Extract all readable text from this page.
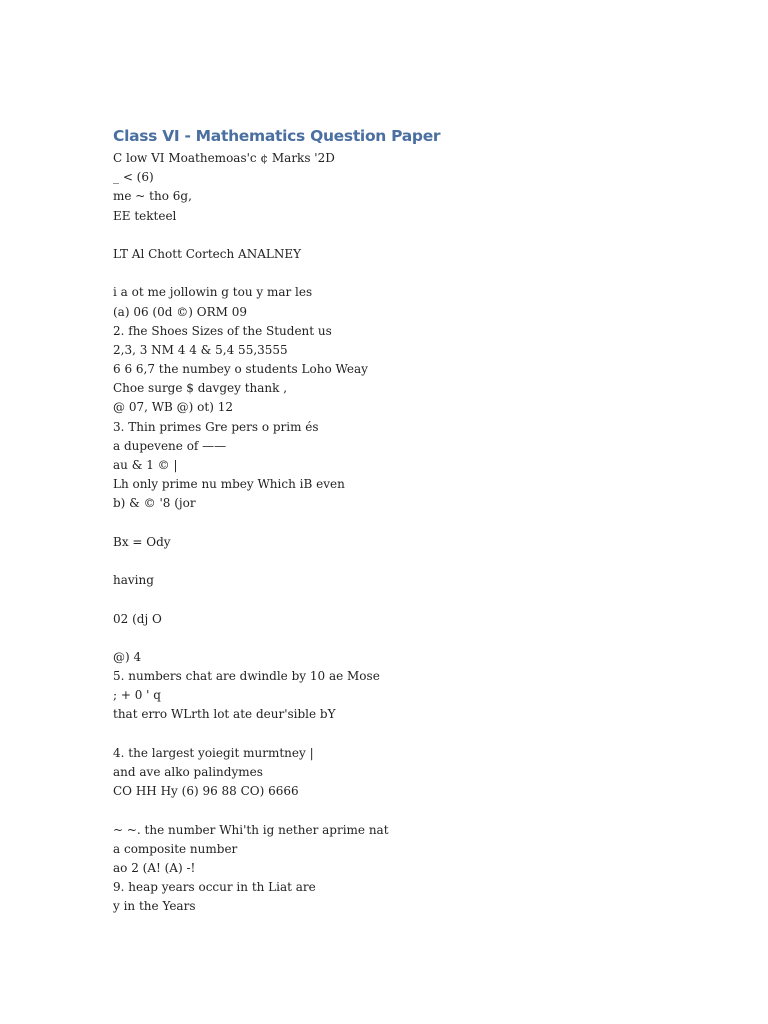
Class VI - Mathematics Question Paper
C low VI Moathemoas'c ¢ Marks '2D
_ < (6)
me ~ tho 6g,
EE tekteel
LT Al Chott Cortech ANALNEY
i a ot me jollowin g tou y mar les
(a) 06 (0d ©) ORM 09
2. fhe Shoes Sizes of the Student us
2,3, 3 NM 4 4 & 5,4 55,3555
6 6 6,7 the numbey o students Loho Weay
Choe surge $ davgey thank ,
@ 07, WB @) ot) 12
3. Thin primes Gre pers o prim és
a dupevene of ——
au & 1 © |
Lh only prime nu mbey Which iB even
b) & © '8 (jor
Bx = Ody
having
02 (dj O
@) 4
5. numbers chat are dwindle by 10 ae Mose
; + 0 ' q
that erro WLrth lot ate deur'sible bY
4. the largest yoiegit murmtney |
and ave alko palindymes
CO HH Hy (6) 96 88 CO) 6666
~ ~. the number Whi'th ig nether aprime nat
a composite number
ao 2 (A! (A) -!
9. heap years occur in th Liat are
y in the Years
